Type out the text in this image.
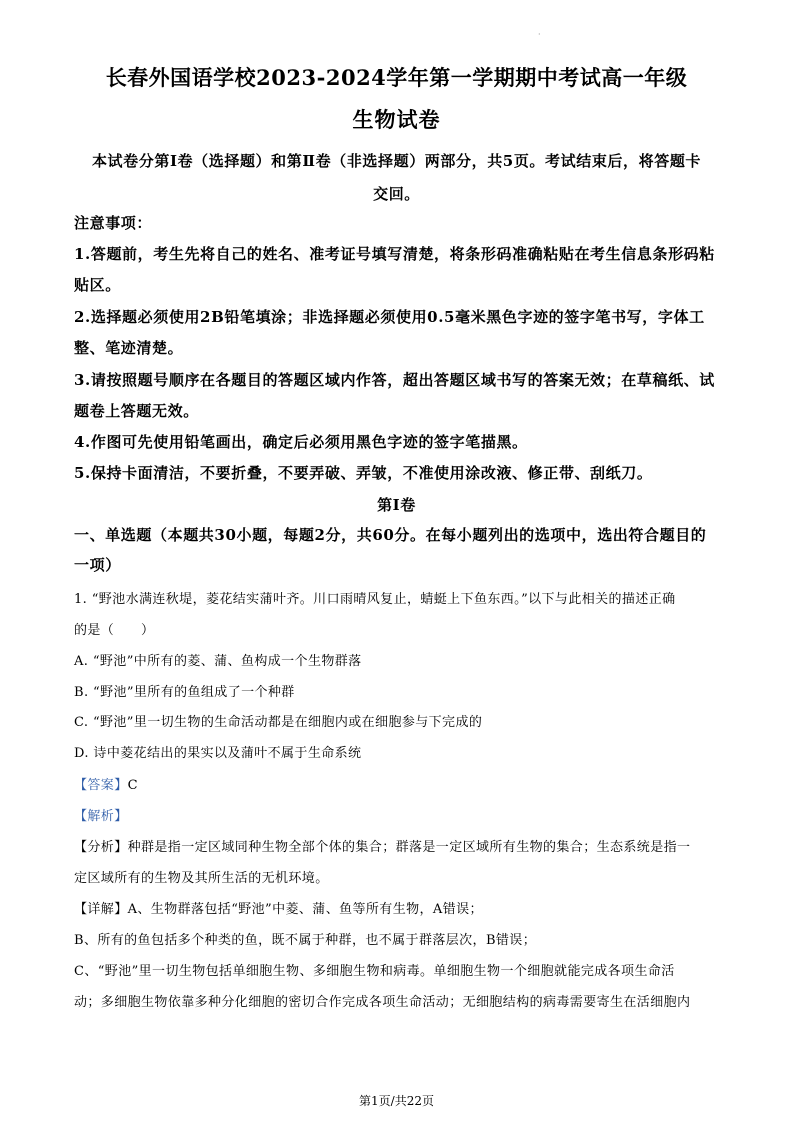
·
长春外国语学校2023-2024学年第一学期期中考试高一年级
生物试卷
本试卷分第Ⅰ卷（选择题）和第Ⅱ卷（非选择题）两部分，共5页。考试结束后，将答题卡
交回。
注意事项：
1.答题前，考生先将自己的姓名、准考证号填写清楚，将条形码准确粘贴在考生信息条形码粘
贴区。
2.选择题必须使用2B铅笔填涂；非选择题必须使用0.5毫米黑色字迹的签字笔书写，字体工
整、笔迹清楚。
3.请按照题号顺序在各题目的答题区域内作答，超出答题区域书写的答案无效；在草稿纸、试
题卷上答题无效。
4.作图可先使用铅笔画出，确定后必须用黑色字迹的签字笔描黑。
5.保持卡面清洁，不要折叠，不要弄破、弄皱，不准使用涂改液、修正带、刮纸刀。
第Ⅰ卷
一、单选题（本题共30小题，每题2分，共60分。在每小题列出的选项中，选出符合题目的
一项）
1. “野池水满连秋堤，菱花结实蒲叶齐。川口雨晴风复止，蜻蜓上下鱼东西。”以下与此相关的描述正确
的是（　　）
A. “野池”中所有的菱、蒲、鱼构成一个生物群落
B. “野池”里所有的鱼组成了一个种群
C. “野池”里一切生物的生命活动都是在细胞内或在细胞参与下完成的
D. 诗中菱花结出的果实以及蒲叶不属于生命系统
【答案】C
【解析】
【分析】种群是指一定区域同种生物全部个体的集合；群落是一定区域所有生物的集合；生态系统是指一
定区域所有的生物及其所生活的无机环境。
【详解】A、生物群落包括“野池”中菱、蒲、鱼等所有生物，A错误；
B、所有的鱼包括多个种类的鱼，既不属于种群，也不属于群落层次，B错误；
C、“野池”里一切生物包括单细胞生物、多细胞生物和病毒。单细胞生物一个细胞就能完成各项生命活
动；多细胞生物依靠多种分化细胞的密切合作完成各项生命活动；无细胞结构的病毒需要寄生在活细胞内
第1页/共22页
